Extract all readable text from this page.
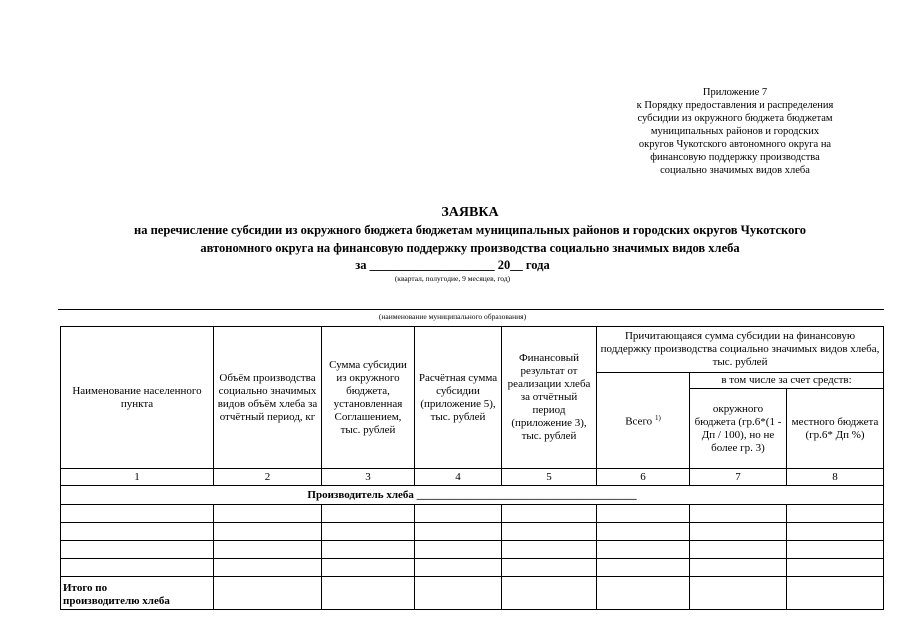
Приложение 7
к Порядку предоставления и распределения
субсидии из окружного бюджета бюджетам
муниципальных районов и городских
округов Чукотского автономного округа на
финансовую поддержку производства
социально значимых видов хлеба
ЗАЯВКА
на перечисление субсидии из окружного бюджета бюджетам муниципальных районов и городских округов Чукотского
автономного округа на финансовую поддержку производства социально значимых видов хлеба
за ____________________ 20__ года
(квартал, полугодие, 9 месяцев, год)
(наименование муниципального образования)
Наименование населенного пункта	Объём производства социально значимых видов объём хлеба за отчётный период, кг	Сумма субсидии из окружного бюджета, установленная Соглашением, тыс. рублей	Расчётная сумма субсидии (приложение 5), тыс. рублей	Финансовый результат от реализации хлеба за отчётный период (приложение 3), тыс. рублей	Причитающаяся сумма субсидии на финансовую поддержку производства социально значимых видов хлеба, тыс. рублей		
					Всего $^{1)}$	в том числе за счет средств:	
						окружного бюджета (гр.6*(1 - Дп / 100), но не более гр. 3)	местного бюджета (гр.6* Дп %)
1	2	3	4	5	6	7	8
Производитель хлеба ________________________________________							

Итого по
производителю хлеба							
